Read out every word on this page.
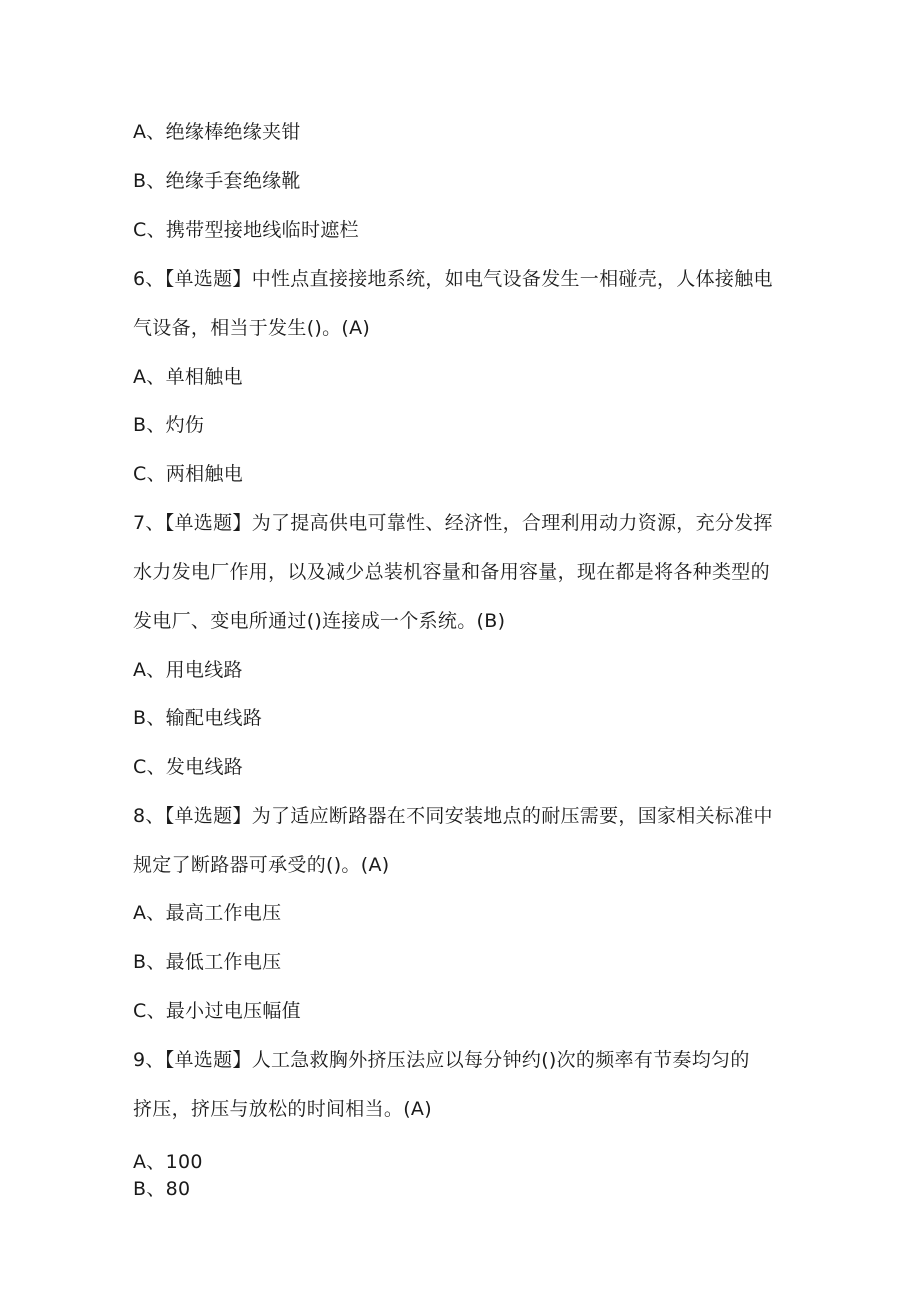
A、绝缘棒绝缘夹钳
B、绝缘手套绝缘靴
C、携带型接地线临时遮栏
6、【单选题】中性点直接接地系统，如电气设备发生一相碰壳，人体接触电
气设备，相当于发生()。(A)
A、单相触电
B、灼伤
C、两相触电
7、【单选题】为了提高供电可靠性、经济性，合理利用动力资源，充分发挥
水力发电厂作用，以及减少总装机容量和备用容量，现在都是将各种类型的
发电厂、变电所通过()连接成一个系统。(B)
A、用电线路
B、输配电线路
C、发电线路
8、【单选题】为了适应断路器在不同安装地点的耐压需要，国家相关标准中
规定了断路器可承受的()。(A)
A、最高工作电压
B、最低工作电压
C、最小过电压幅值
9、【单选题】人工急救胸外挤压法应以每分钟约()次的频率有节奏均匀的
挤压，挤压与放松的时间相当。(A)
A、100
B、80
